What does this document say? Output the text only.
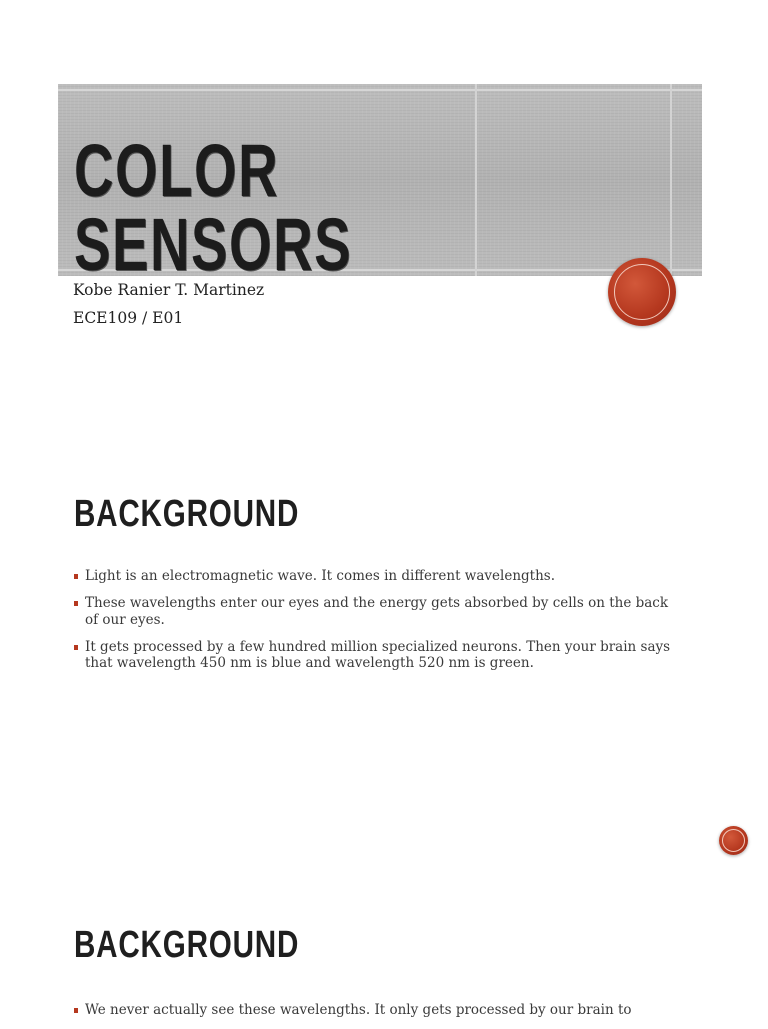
COLOR SENSORS

Kobe Ranier T. Martinez

ECE109 / E01

BACKGROUND
Light is an electromagnetic wave. It comes in different wavelengths.
These wavelengths enter our eyes and the energy gets absorbed by cells on the back of our eyes.
It gets processed by a few hundred million specialized neurons. Then your brain says that wavelength 450 nm is blue and wavelength 520 nm is green.
BACKGROUND
We never actually see these wavelengths. It only gets processed by our brain to
